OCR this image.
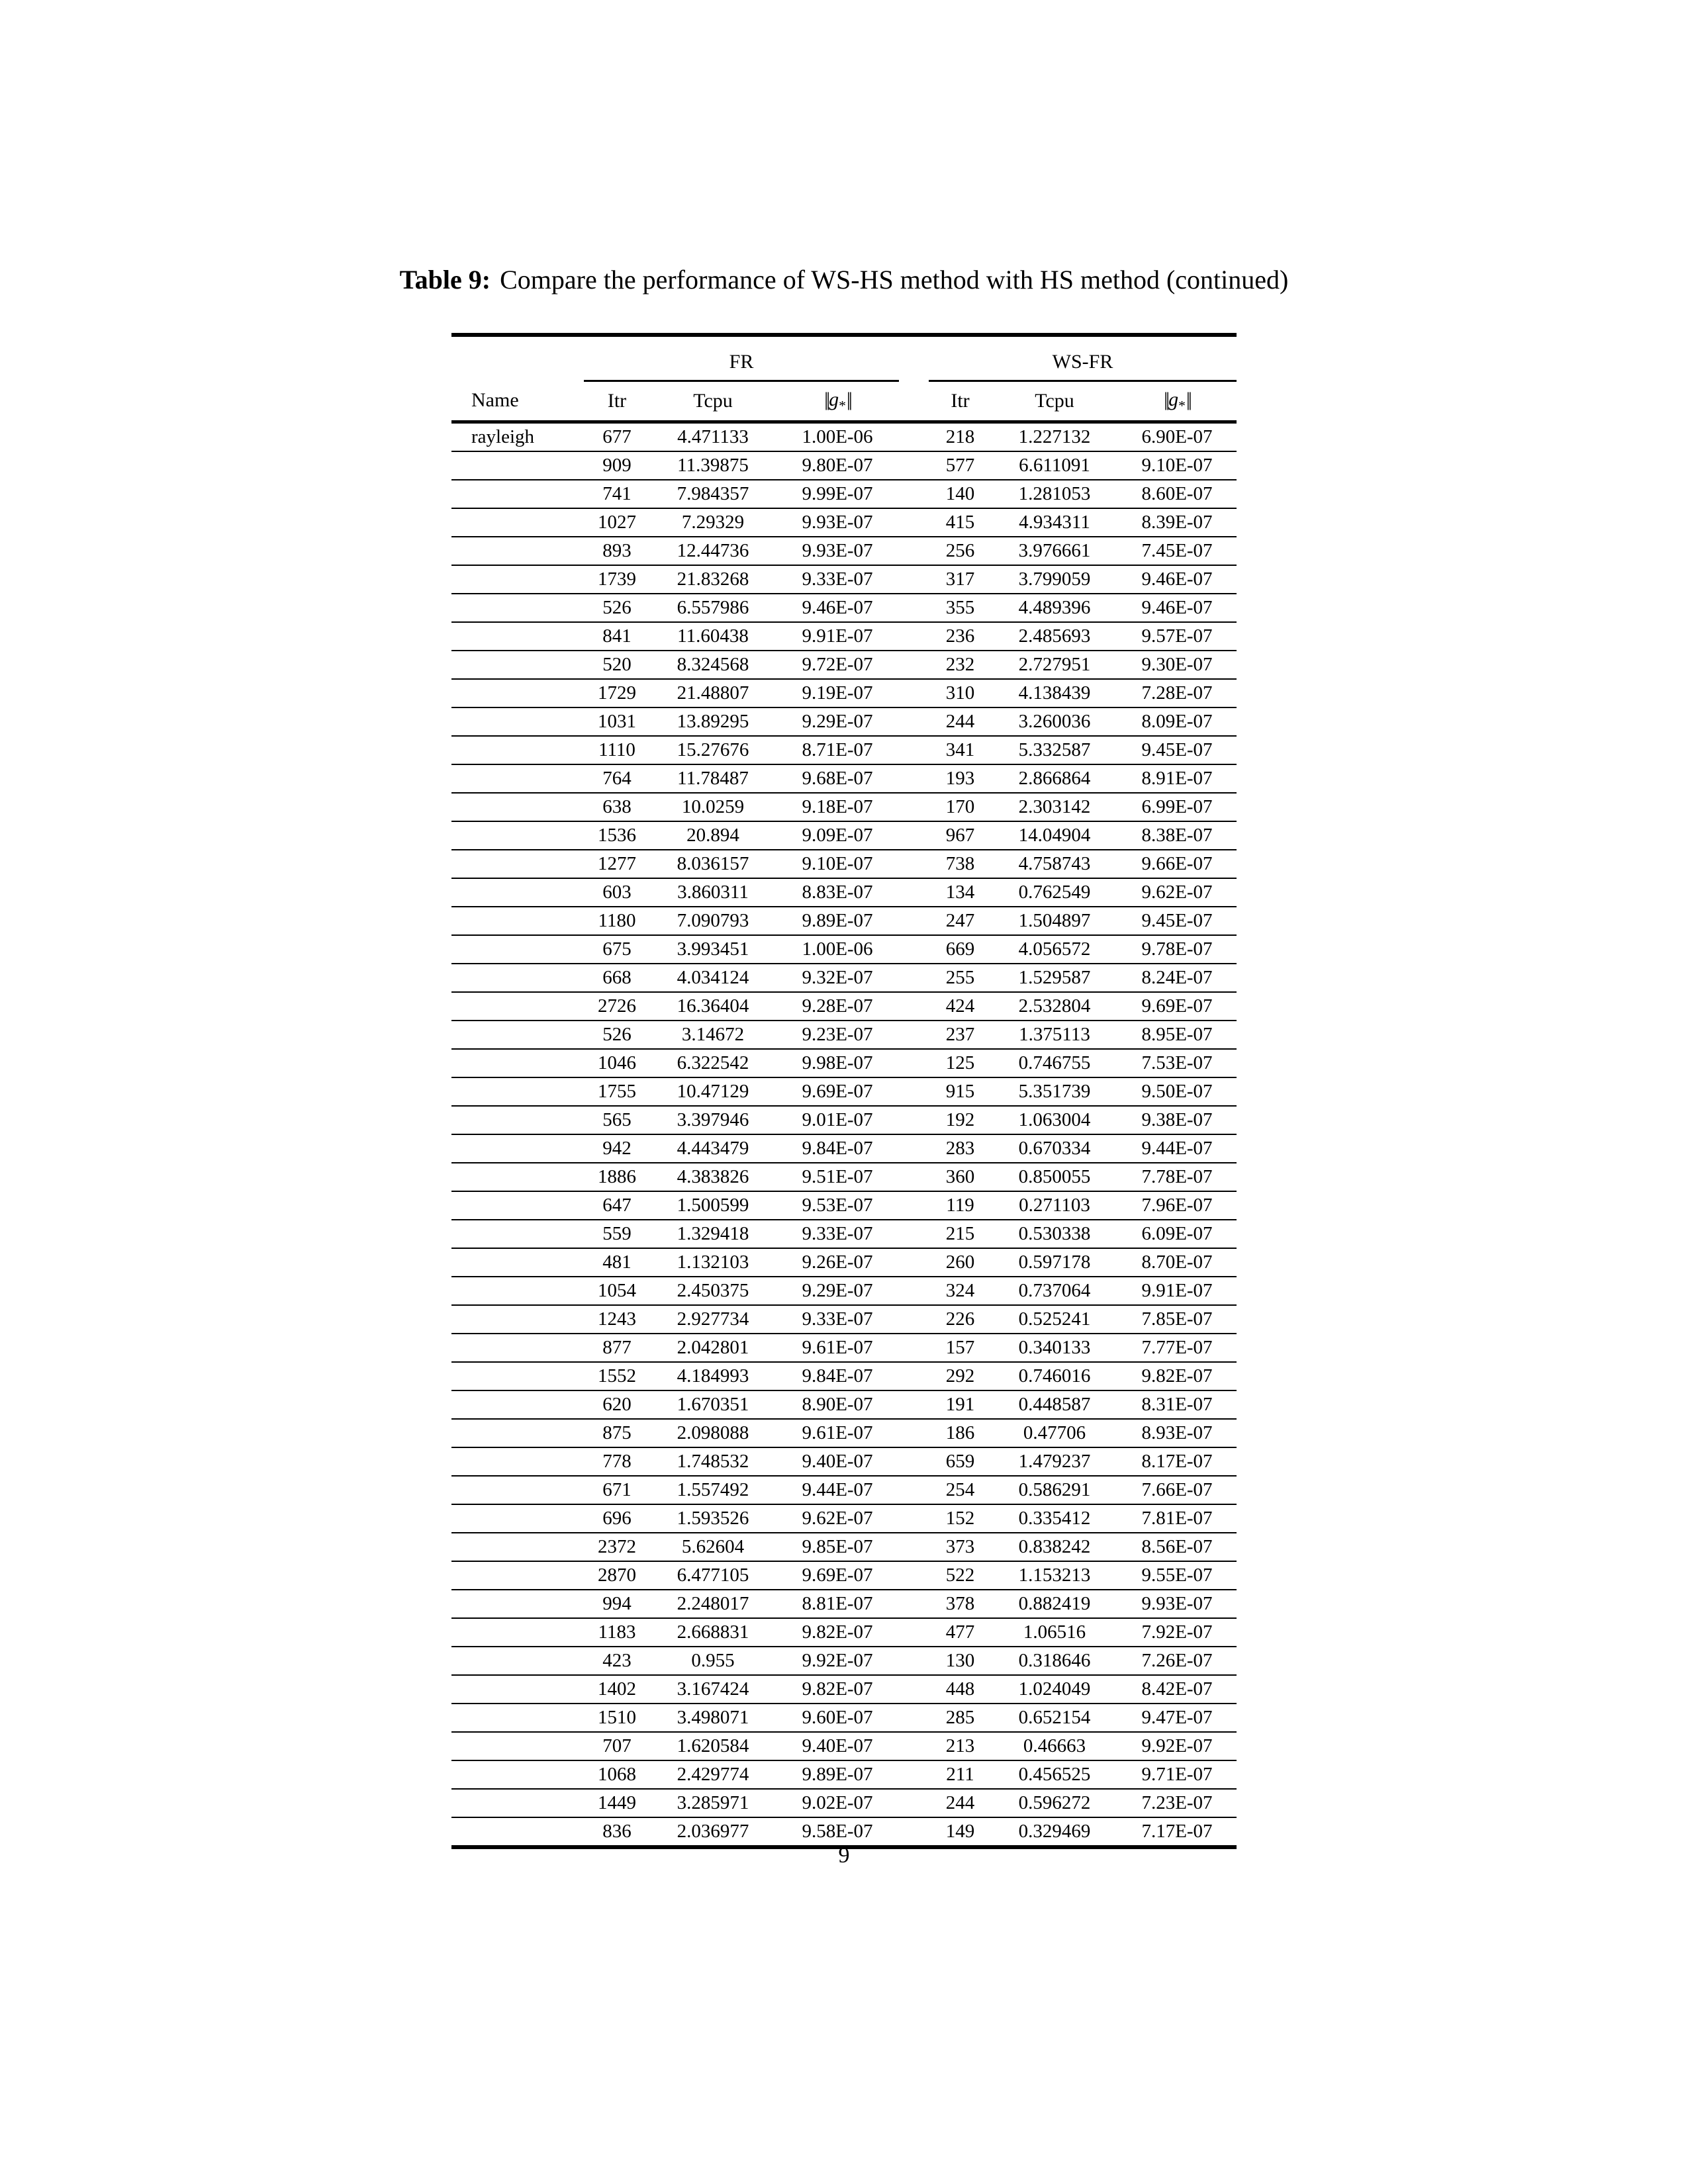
Table 9: Compare the performance of WS-HS method with HS method (continued)
	FR				WS-FR		
Name	Itr	Tcpu	$||g_*||$		Itr	Tcpu	$||g_*||$
rayleigh	677	4.471133	1.00E-06		218	1.227132	6.90E-07
	909	11.39875	9.80E-07		577	6.611091	9.10E-07
	741	7.984357	9.99E-07		140	1.281053	8.60E-07
	1027	7.29329	9.93E-07		415	4.934311	8.39E-07
	893	12.44736	9.93E-07		256	3.976661	7.45E-07
	1739	21.83268	9.33E-07		317	3.799059	9.46E-07
	526	6.557986	9.46E-07		355	4.489396	9.46E-07
	841	11.60438	9.91E-07		236	2.485693	9.57E-07
	520	8.324568	9.72E-07		232	2.727951	9.30E-07
	1729	21.48807	9.19E-07		310	4.138439	7.28E-07
	1031	13.89295	9.29E-07		244	3.260036	8.09E-07
	1110	15.27676	8.71E-07		341	5.332587	9.45E-07
	764	11.78487	9.68E-07		193	2.866864	8.91E-07
	638	10.0259	9.18E-07		170	2.303142	6.99E-07
	1536	20.894	9.09E-07		967	14.04904	8.38E-07
	1277	8.036157	9.10E-07		738	4.758743	9.66E-07
	603	3.860311	8.83E-07		134	0.762549	9.62E-07
	1180	7.090793	9.89E-07		247	1.504897	9.45E-07
	675	3.993451	1.00E-06		669	4.056572	9.78E-07
	668	4.034124	9.32E-07		255	1.529587	8.24E-07
	2726	16.36404	9.28E-07		424	2.532804	9.69E-07
	526	3.14672	9.23E-07		237	1.375113	8.95E-07
	1046	6.322542	9.98E-07		125	0.746755	7.53E-07
	1755	10.47129	9.69E-07		915	5.351739	9.50E-07
	565	3.397946	9.01E-07		192	1.063004	9.38E-07
	942	4.443479	9.84E-07		283	0.670334	9.44E-07
	1886	4.383826	9.51E-07		360	0.850055	7.78E-07
	647	1.500599	9.53E-07		119	0.271103	7.96E-07
	559	1.329418	9.33E-07		215	0.530338	6.09E-07
	481	1.132103	9.26E-07		260	0.597178	8.70E-07
	1054	2.450375	9.29E-07		324	0.737064	9.91E-07
	1243	2.927734	9.33E-07		226	0.525241	7.85E-07
	877	2.042801	9.61E-07		157	0.340133	7.77E-07
	1552	4.184993	9.84E-07		292	0.746016	9.82E-07
	620	1.670351	8.90E-07		191	0.448587	8.31E-07
	875	2.098088	9.61E-07		186	0.47706	8.93E-07
	778	1.748532	9.40E-07		659	1.479237	8.17E-07
	671	1.557492	9.44E-07		254	0.586291	7.66E-07
	696	1.593526	9.62E-07		152	0.335412	7.81E-07
	2372	5.62604	9.85E-07		373	0.838242	8.56E-07
	2870	6.477105	9.69E-07		522	1.153213	9.55E-07
	994	2.248017	8.81E-07		378	0.882419	9.93E-07
	1183	2.668831	9.82E-07		477	1.06516	7.92E-07
	423	0.955	9.92E-07		130	0.318646	7.26E-07
	1402	3.167424	9.82E-07		448	1.024049	8.42E-07
	1510	3.498071	9.60E-07		285	0.652154	9.47E-07
	707	1.620584	9.40E-07		213	0.46663	9.92E-07
	1068	2.429774	9.89E-07		211	0.456525	9.71E-07
	1449	3.285971	9.02E-07		244	0.596272	7.23E-07
	836	2.036977	9.58E-07		149	0.329469	7.17E-07
9
